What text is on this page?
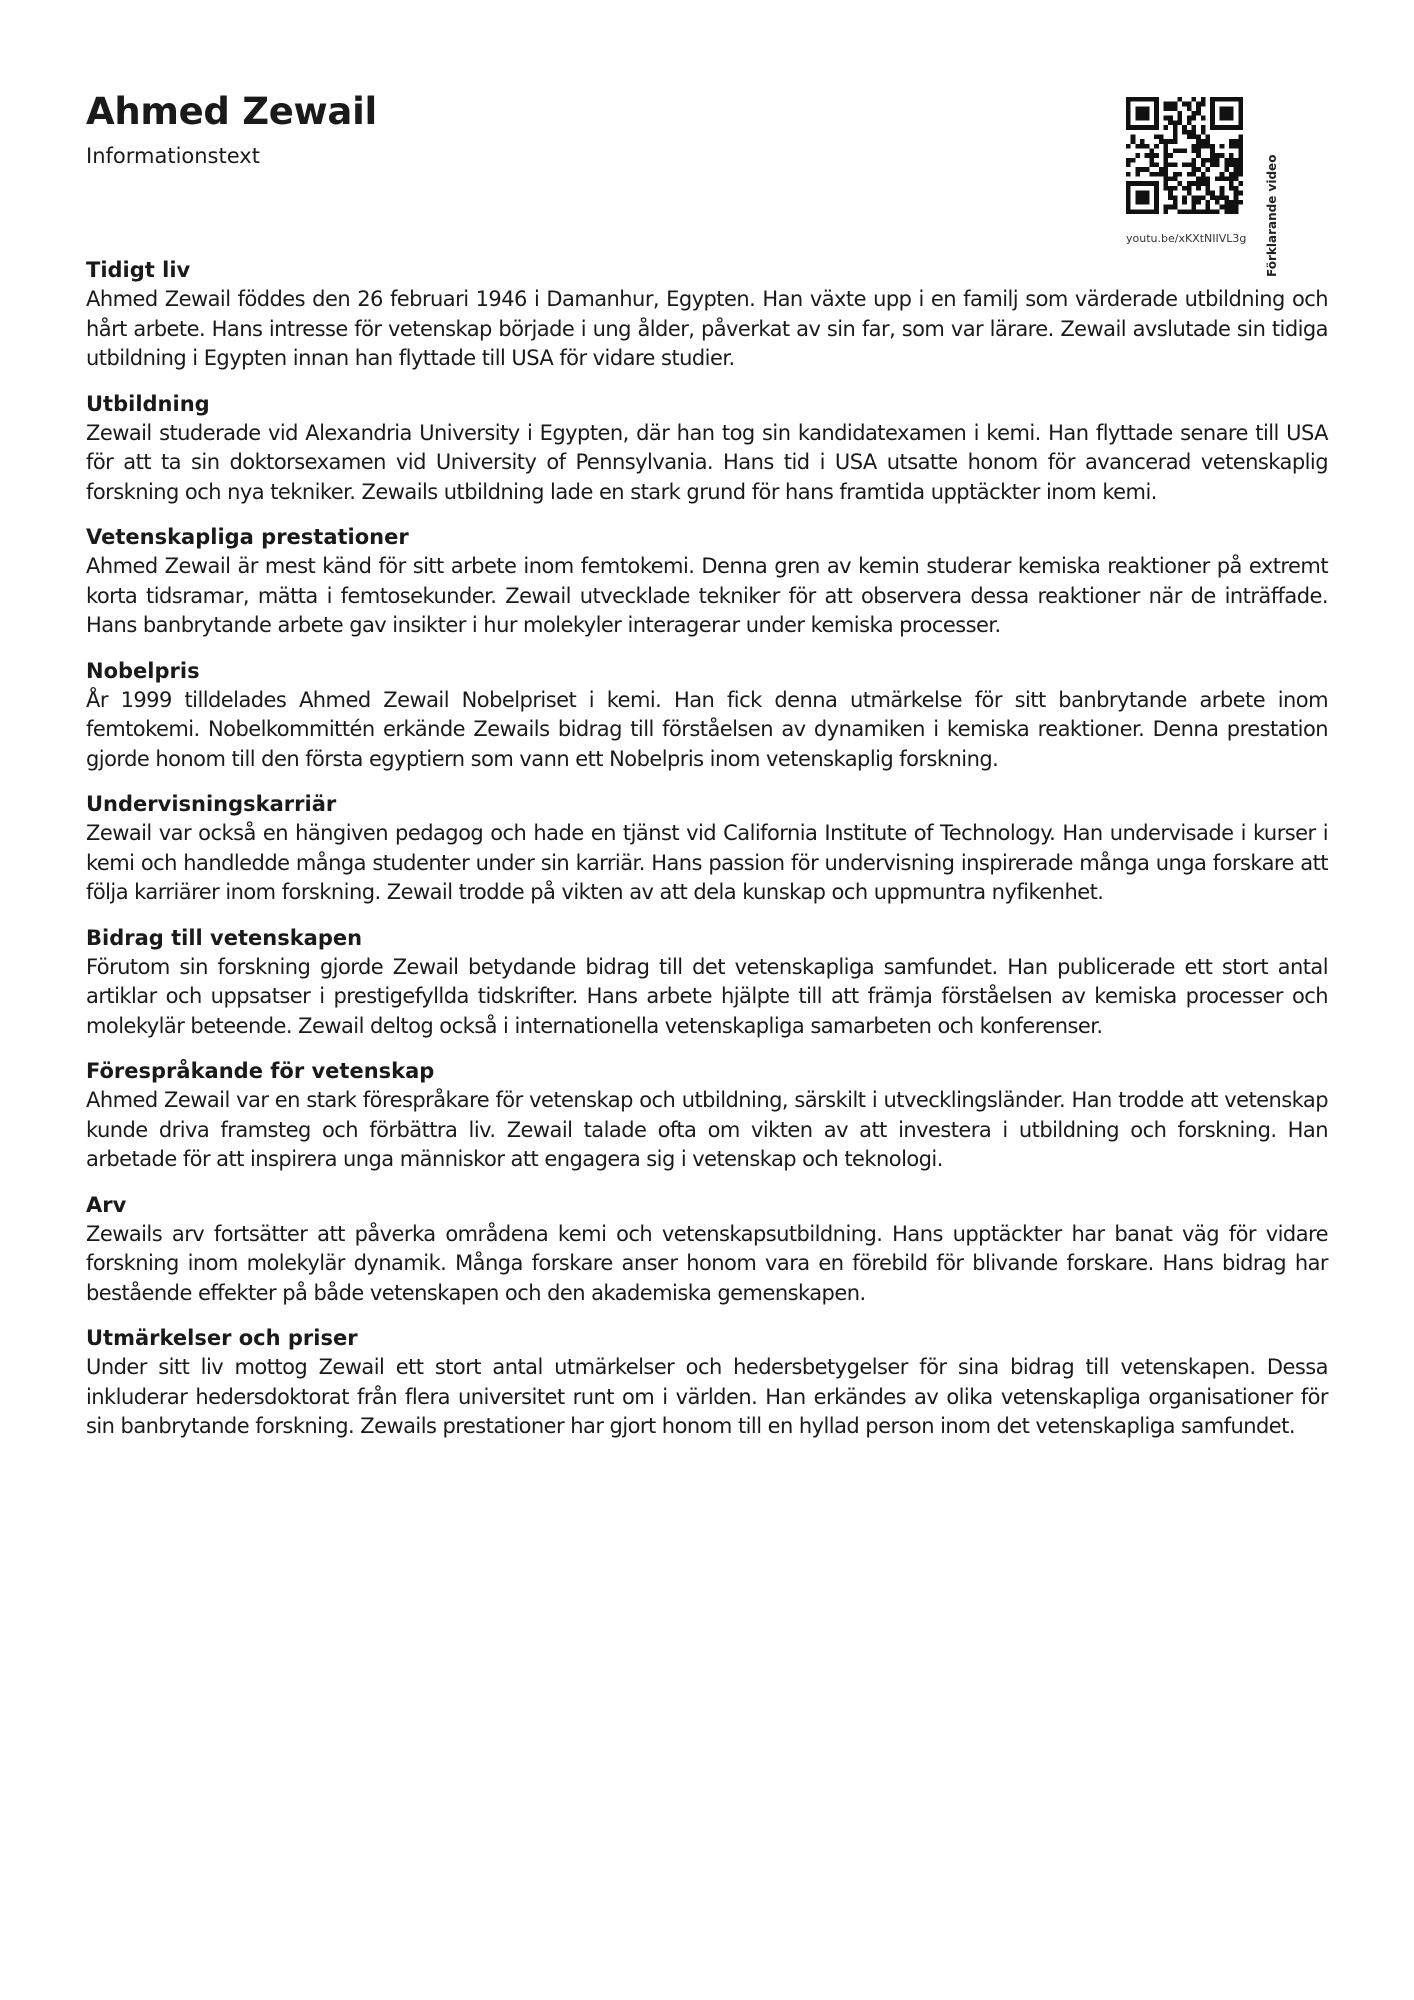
Ahmed Zewail

Informationstext

youtu.be/xKXtNIIVL3g Förklarande video

Tidigt liv

Ahmed Zewail föddes den 26 februari 1946 i Damanhur, Egypten. Han växte upp i en familj som värderade utbildning och hårt arbete. Hans intresse för vetenskap började i ung ålder, påverkat av sin far, som var lärare. Zewail avslutade sin tidiga utbildning i Egypten innan han flyttade till USA för vidare studier.

Utbildning

Zewail studerade vid Alexandria University i Egypten, där han tog sin kandidatexamen i kemi. Han flyttade senare till USA för att ta sin doktorsexamen vid University of Pennsylvania. Hans tid i USA utsatte honom för avancerad vetenskaplig forskning och nya tekniker. Zewails utbildning lade en stark grund för hans framtida upptäckter inom kemi.

Vetenskapliga prestationer

Ahmed Zewail är mest känd för sitt arbete inom femtokemi. Denna gren av kemin studerar kemiska reaktioner på extremt korta tidsramar, mätta i femtosekunder. Zewail utvecklade tekniker för att observera dessa reaktioner när de inträffade. Hans banbrytande arbete gav insikter i hur molekyler interagerar under kemiska processer.

Nobelpris

År 1999 tilldelades Ahmed Zewail Nobelpriset i kemi. Han fick denna utmärkelse för sitt banbrytande arbete inom femtokemi. Nobelkommittén erkände Zewails bidrag till förståelsen av dynamiken i kemiska reaktioner. Denna prestation gjorde honom till den första egyptiern som vann ett Nobelpris inom vetenskaplig forskning.

Undervisningskarriär

Zewail var också en hängiven pedagog och hade en tjänst vid California Institute of Technology. Han undervisade i kurser i kemi och handledde många studenter under sin karriär. Hans passion för undervisning inspirerade många unga forskare att följa karriärer inom forskning. Zewail trodde på vikten av att dela kunskap och uppmuntra nyfikenhet.

Bidrag till vetenskapen

Förutom sin forskning gjorde Zewail betydande bidrag till det vetenskapliga samfundet. Han publicerade ett stort antal artiklar och uppsatser i prestigefyllda tidskrifter. Hans arbete hjälpte till att främja förståelsen av kemiska processer och molekylär beteende. Zewail deltog också i internationella vetenskapliga samarbeten och konferenser.

Förespråkande för vetenskap

Ahmed Zewail var en stark förespråkare för vetenskap och utbildning, särskilt i utvecklingsländer. Han trodde att vetenskap kunde driva framsteg och förbättra liv. Zewail talade ofta om vikten av att investera i utbildning och forskning. Han arbetade för att inspirera unga människor att engagera sig i vetenskap och teknologi.

Arv

Zewails arv fortsätter att påverka områdena kemi och vetenskapsutbildning. Hans upptäckter har banat väg för vidare forskning inom molekylär dynamik. Många forskare anser honom vara en förebild för blivande forskare. Hans bidrag har bestående effekter på både vetenskapen och den akademiska gemenskapen.

Utmärkelser och priser

Under sitt liv mottog Zewail ett stort antal utmärkelser och hedersbetygelser för sina bidrag till vetenskapen. Dessa inkluderar hedersdoktorat från flera universitet runt om i världen. Han erkändes av olika vetenskapliga organisationer för sin banbrytande forskning. Zewails prestationer har gjort honom till en hyllad person inom det vetenskapliga samfundet.
